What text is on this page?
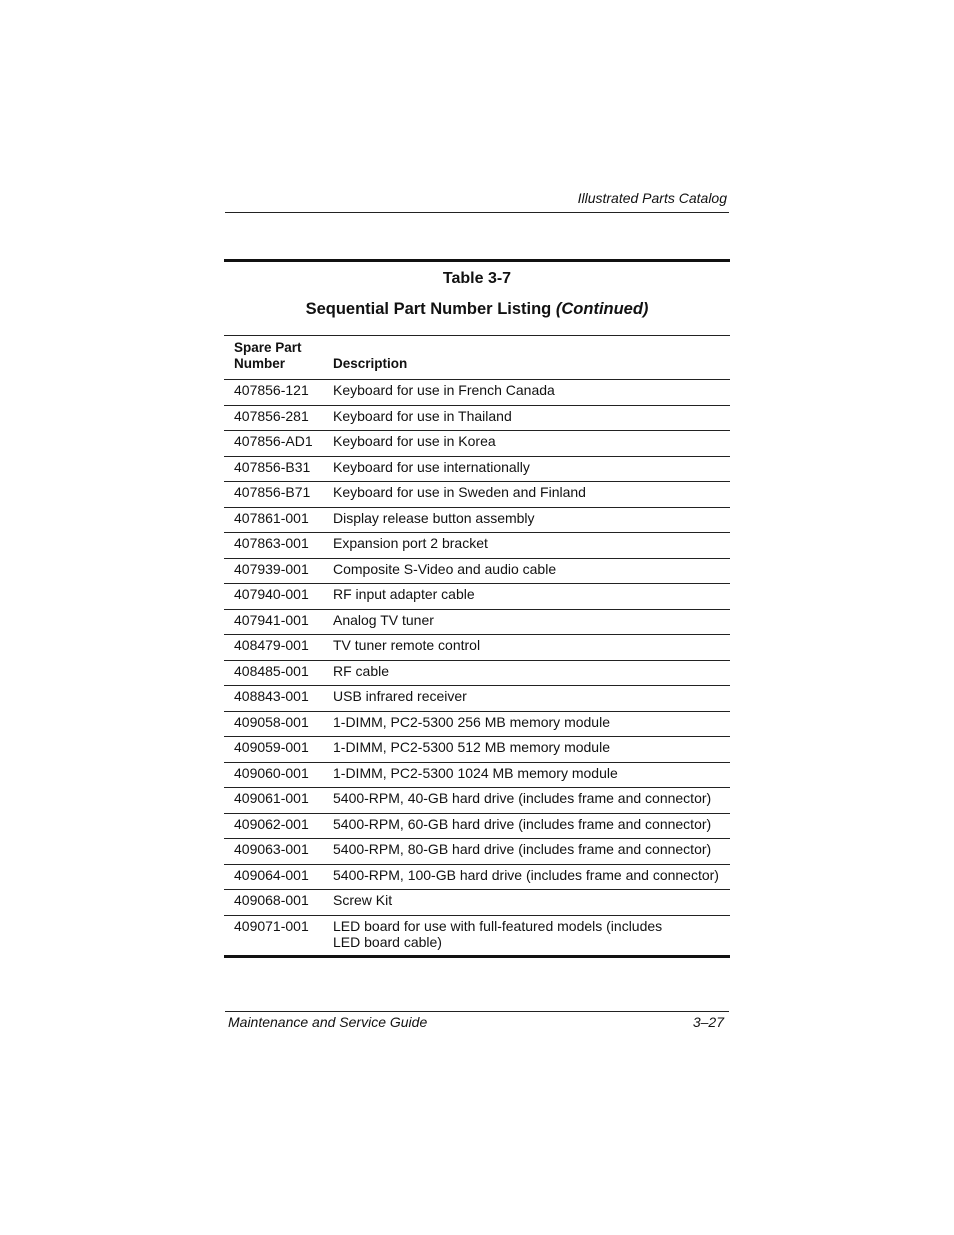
Illustrated Parts Catalog
Table 3-7
Sequential Part Number Listing (Continued)
Spare Part Number	Description
407856-121	Keyboard for use in French Canada
407856-281	Keyboard for use in Thailand
407856-AD1	Keyboard for use in Korea
407856-B31	Keyboard for use internationally
407856-B71	Keyboard for use in Sweden and Finland
407861-001	Display release button assembly
407863-001	Expansion port 2 bracket
407939-001	Composite S-Video and audio cable
407940-001	RF input adapter cable
407941-001	Analog TV tuner
408479-001	TV tuner remote control
408485-001	RF cable
408843-001	USB infrared receiver
409058-001	1-DIMM, PC2-5300 256 MB memory module
409059-001	1-DIMM, PC2-5300 512 MB memory module
409060-001	1-DIMM, PC2-5300 1024 MB memory module
409061-001	5400-RPM, 40-GB hard drive (includes frame and connector)
409062-001	5400-RPM, 60-GB hard drive (includes frame and connector)
409063-001	5400-RPM, 80-GB hard drive (includes frame and connector)
409064-001	5400-RPM, 100-GB hard drive (includes frame and connector)
409068-001	Screw Kit
409071-001	LED board for use with full-featured models (includes
LED board cable)
Maintenance and Service Guide	3–27
